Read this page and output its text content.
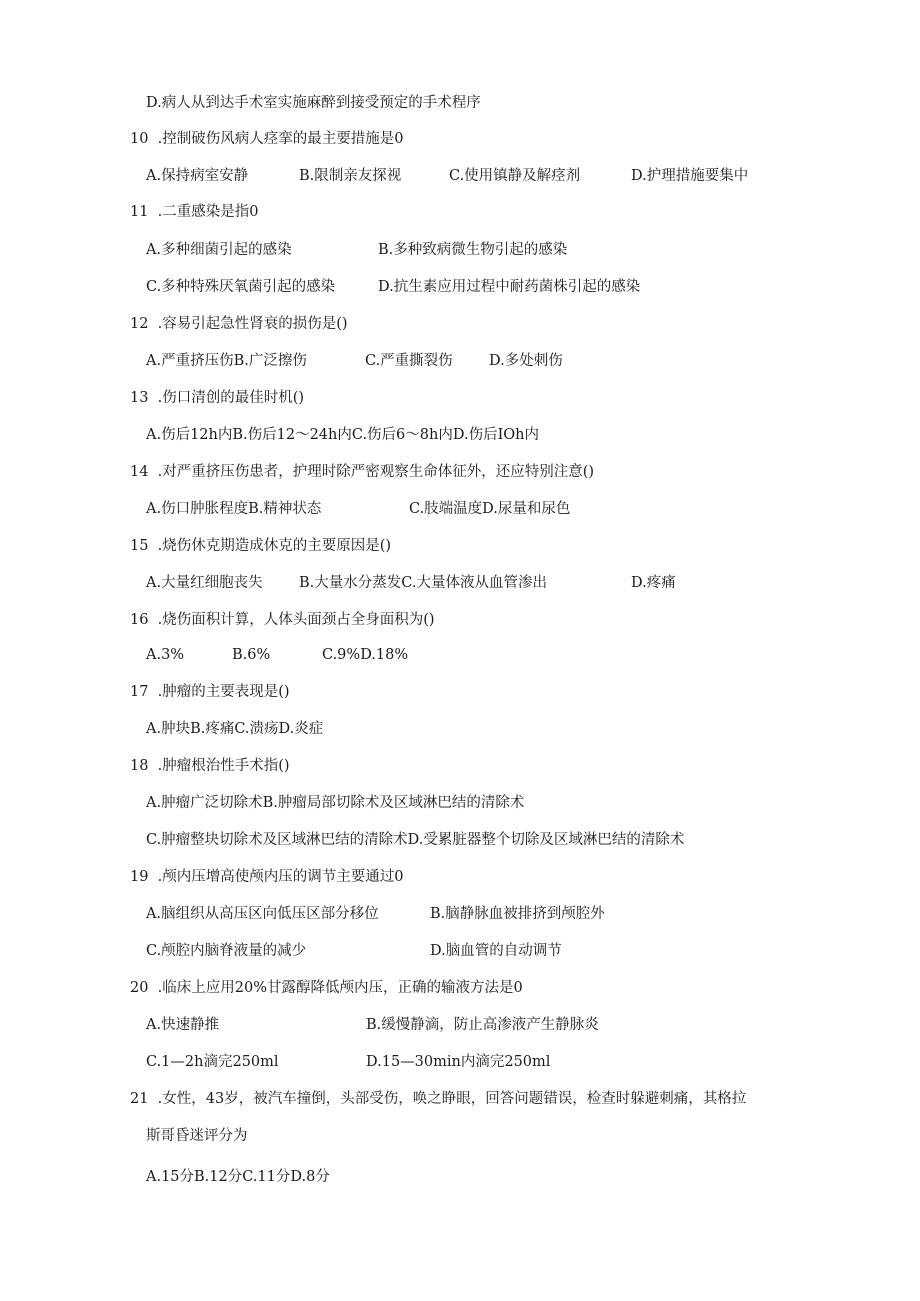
D.病人从到达手术室实施麻醉到接受预定的手术程序
10  .控制破伤风病人痉挛的最主要措施是0
A.保持病室安静	B.限制亲友探视	C.使用镇静及解痉剂	D.护理措施要集中
11  .二重感染是指0
A.多种细菌引起的感染	B.多种致病微生物引起的感染
C.多种特殊厌氧菌引起的感染	D.抗生素应用过程中耐药菌株引起的感染
12  .容易引起急性肾衰的损伤是()
A.严重挤压伤B.广泛擦伤	C.严重撕裂伤	D.多处刺伤
13  .伤口清创的最佳时机()
A.伤后12h内B.伤后12～24h内C.伤后6～8h内D.伤后IOh内
14  .对严重挤压伤患者，护理时除严密观察生命体征外，还应特别注意()
A.伤口肿胀程度B.精神状态	C.肢端温度D.尿量和尿色
15  .烧伤休克期造成休克的主要原因是()
A.大量红细胞丧失	B.大量水分蒸发C.大量体液从血管渗出	D.疼痛
16  .烧伤面积计算，人体头面颈占全身面积为()
A.3%	B.6%	C.9%D.18%
17  .肿瘤的主要表现是()
A.肿块B.疼痛C.溃疡D.炎症
18  .肿瘤根治性手术指()
A.肿瘤广泛切除术B.肿瘤局部切除术及区域淋巴结的清除术
C.肿瘤整块切除术及区域淋巴结的清除术D.受累脏器整个切除及区域淋巴结的清除术
19  .颅内压增高使颅内压的调节主要通过0
A.脑组织从高压区向低压区部分移位	B.脑静脉血被排挤到颅腔外
C.颅腔内脑脊液量的减少	D.脑血管的自动调节
20  .临床上应用20%甘露醇降低颅内压，正确的输液方法是0
A.快速静推	B.缓慢静滴，防止高渗液产生静脉炎
C.1—2h滴完250ml	D.15—30min内滴完250ml
21  .女性，43岁，被汽车撞倒，头部受伤，唤之睁眼，回答问题错误，检查时躲避刺痛，其格拉
斯哥昏迷评分为
A.15分B.12分C.11分D.8分
